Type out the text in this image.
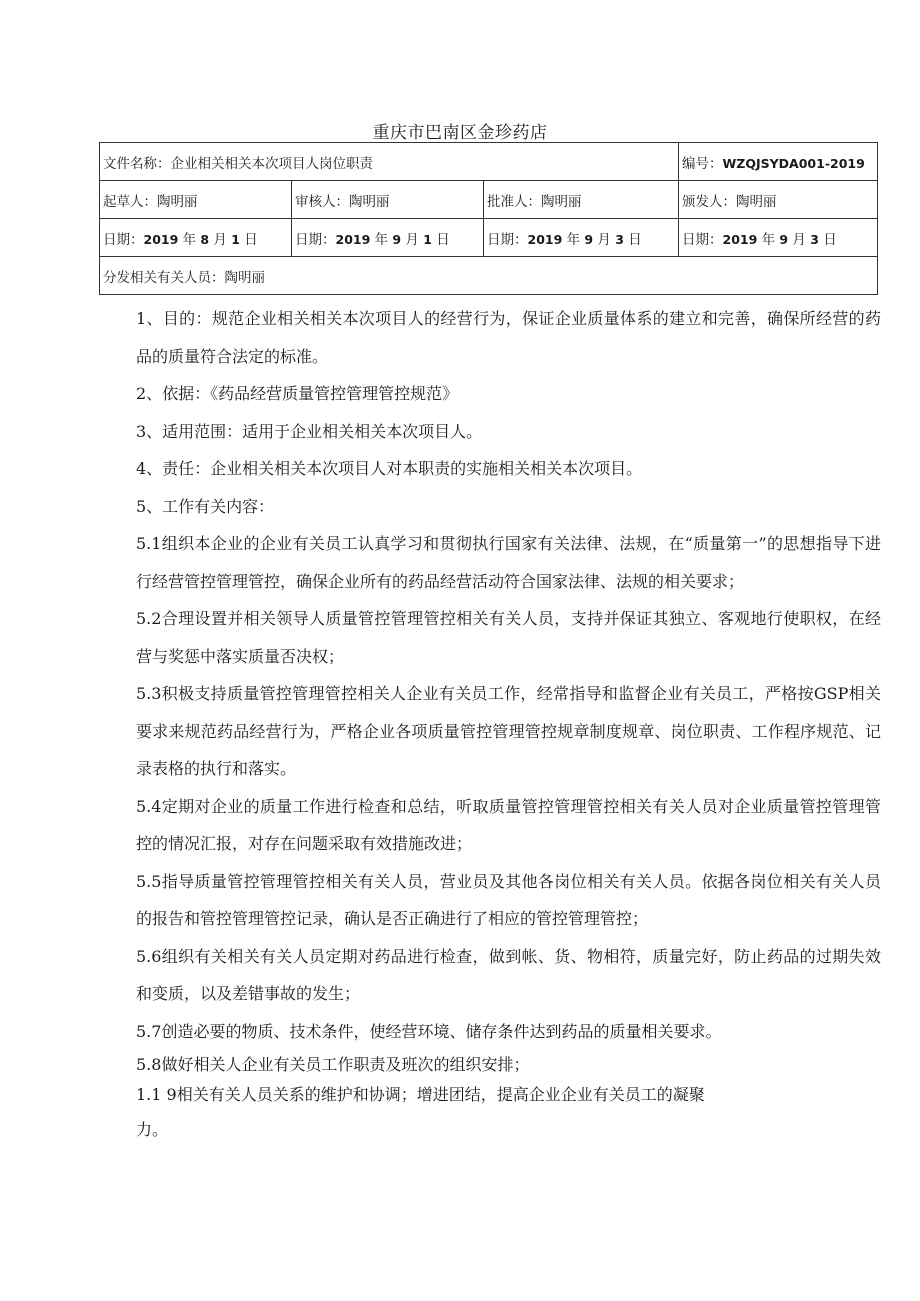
重庆市巴南区金珍药店
文件名称：企业相关相关本次项目人岗位职责			编号：WZQJSYDA001-2019
起草人：陶明丽	审核人：陶明丽	批准人：陶明丽	颁发人：陶明丽
日期：2019 年 8 月 1 日	日期：2019 年 9 月 1 日	日期：2019 年 9 月 3 日	日期：2019 年 9 月 3 日
分发相关有关人员：陶明丽			

1、目的：规范企业相关相关本次项目人的经营行为，保证企业质量体系的建立和完善，确保所经营的药品的质量符合法定的标准。

2、依据：《药品经营质量管控管理管控规范》

3、适用范围：适用于企业相关相关本次项目人。

4、责任：企业相关相关本次项目人对本职责的实施相关相关本次项目。

5、工作有关内容：

5.1组织本企业的企业有关员工认真学习和贯彻执行国家有关法律、法规，在“质量第一”的思想指导下进行经营管控管理管控，确保企业所有的药品经营活动符合国家法律、法规的相关要求；

5.2合理设置并相关领导人质量管控管理管控相关有关人员，支持并保证其独立、客观地行使职权，在经营与奖惩中落实质量否决权；

5.3积极支持质量管控管理管控相关人企业有关员工作，经常指导和监督企业有关员工，严格按GSP相关要求来规范药品经营行为，严格企业各项质量管控管理管控规章制度规章、岗位职责、工作程序规范、记录表格的执行和落实。

5.4定期对企业的质量工作进行检查和总结，听取质量管控管理管控相关有关人员对企业质量管控管理管控的情况汇报，对存在问题采取有效措施改进；

5.5指导质量管控管理管控相关有关人员，营业员及其他各岗位相关有关人员。依据各岗位相关有关人员的报告和管控管理管控记录，确认是否正确进行了相应的管控管理管控；

5.6组织有关相关有关人员定期对药品进行检查，做到帐、货、物相符，质量完好，防止药品的过期失效和变质，以及差错事故的发生；

5.7创造必要的物质、技术条件，使经营环境、储存条件达到药品的质量相关要求。

5.8做好相关人企业有关员工作职责及班次的组织安排；

1.1 9相关有关人员关系的维护和协调；增进团结，提高企业企业有关员工的凝聚

力。
